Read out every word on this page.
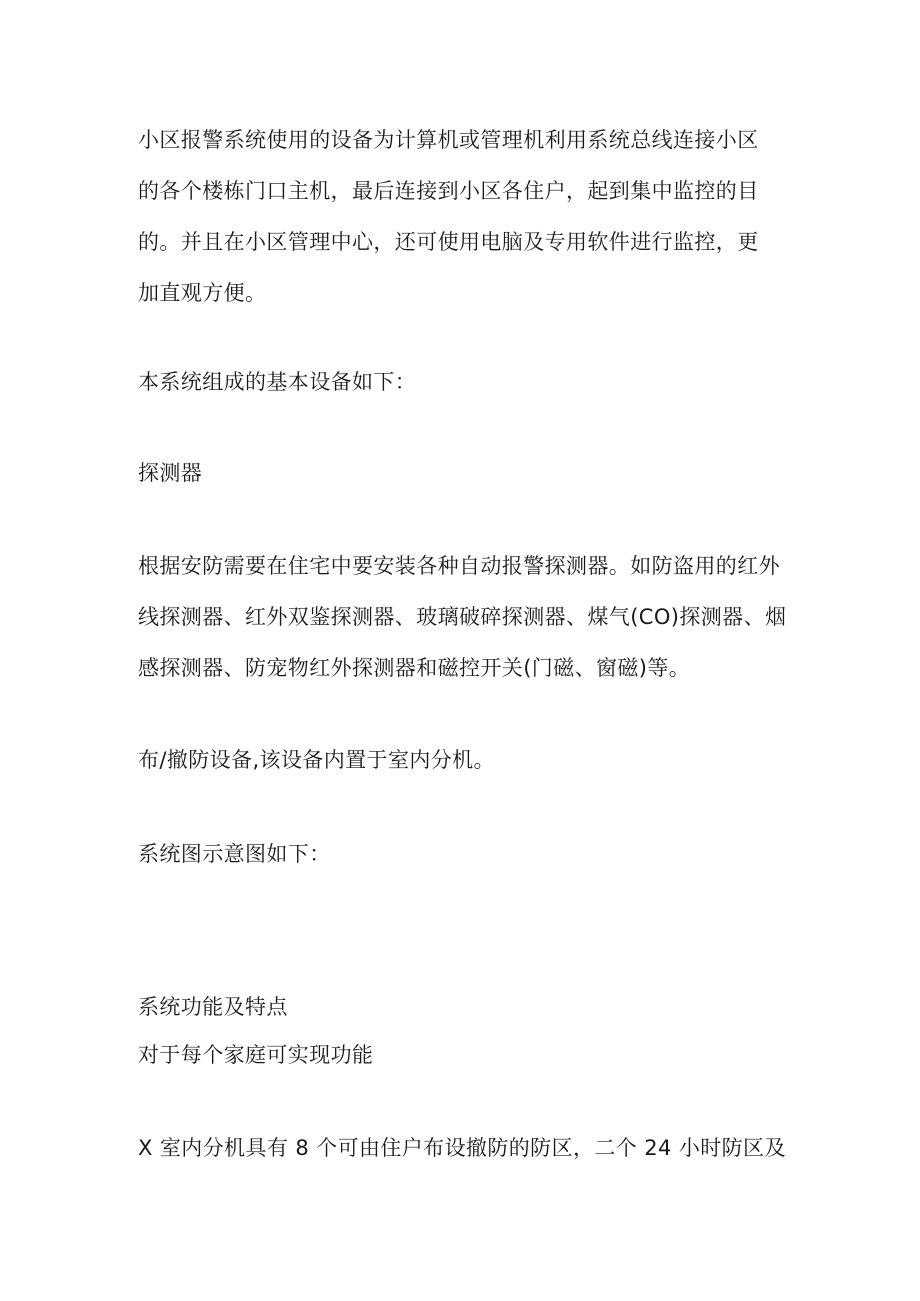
小区报警系统使用的设备为计算机或管理机利用系统总线连接小区
的各个楼栋门口主机，最后连接到小区各住户，起到集中监控的目
的。并且在小区管理中心，还可使用电脑及专用软件进行监控，更
加直观方便。
本系统组成的基本设备如下：
探测器
根据安防需要在住宅中要安装各种自动报警探测器。如防盗用的红外
线探测器、红外双鉴探测器、玻璃破碎探测器、煤气(CO)探测器、烟
感探测器、防宠物红外探测器和磁控开关(门磁、窗磁)等。
布/撤防设备,该设备内置于室内分机。
系统图示意图如下：
系统功能及特点
对于每个家庭可实现功能
X 室内分机具有 8 个可由住户布设撤防的防区，二个 24 小时防区及
